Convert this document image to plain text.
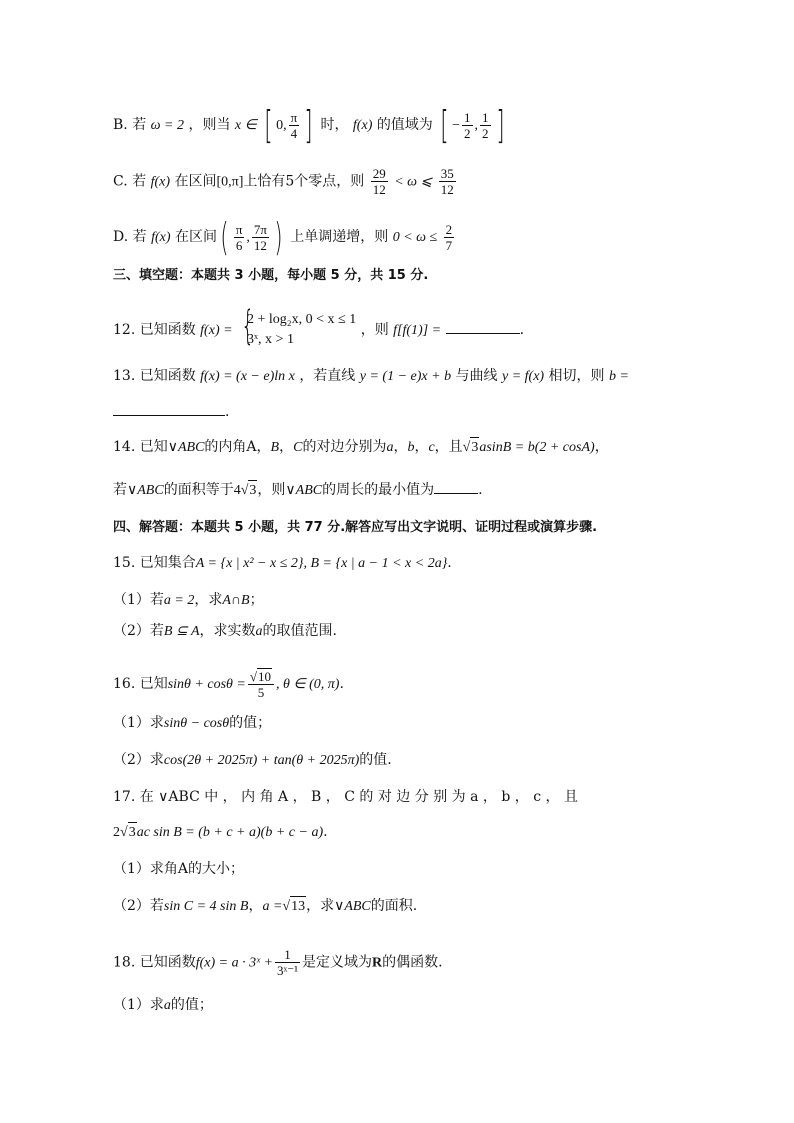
B. 若 ω = 2 ，则当 x ∈ [ 0, $\frac{\pi}{4}$ ] 时， f(x) 的值域为 [ − $\frac{1}{2}$ , $\frac{1}{2}$ ]
C. 若 f(x) 在区间[0,π]上恰有5个零点，则 $\frac{29}{12} < \omega$ ⩽ $\frac{35}{12}$
D. 若 f(x) 在区间( $\frac{\pi}{6}$ , $\frac{7\pi}{12}$ ) 上单调递增，则 $0 < \omega \le \frac{2}{7}$
三、填空题：本题共 3 小题，每小题 5 分，共 15 分.
12. 已知函数 f(x) = {
2 + log₂x, 0 < x ≤ 1
3ˣ, x > 1
，则 f[f(1)] =	.
13. 已知函数 f(x) = (x − e)ln x ，若直线 y = (1 − e)x + b 与曲线 y = f(x) 相切，则 b =
.
14. 已知∨ABC的内角A，B，C的对边分别为a，b，c，且√3asinB = b(2 + cosA)，
若∨ABC的面积等于4√3，则∨ABC的周长的最小值为	.
四、解答题：本题共 5 小题，共 77 分.解答应写出文字说明、证明过程或演算步骤.
15. 已知集合A = {x | x² − x ≤ 2}, B = {x | a − 1 < x < 2a}.
（1）若a = 2，求A∩B；
（2）若B ⊆ A，求实数a的取值范围.
16. 已知$\sin\theta + \cos\theta = \frac{√10}{5}$ , θ ∈ (0, π).
（1）求sinθ − cosθ的值；
（2）求cos(2θ + 2025π) + tan(θ + 2025π)的值.
17. 在 ∨ABC 中 ， 内 角 A ， B ， C 的 对 边 分 别 为 a ， b ， c ， 且
2√3ac sin B = (b + c + a)(b + c − a).
（1）求角A的大小；
（2）若sin C = 4 sin B，a =√13，求∨ABC的面积.
18. 已知函数f(x) = a · 3ˣ + $\frac{1}{\text{3ˣ⁻¹}}$ 是定义域为R的偶函数.
（1）求a的值；
